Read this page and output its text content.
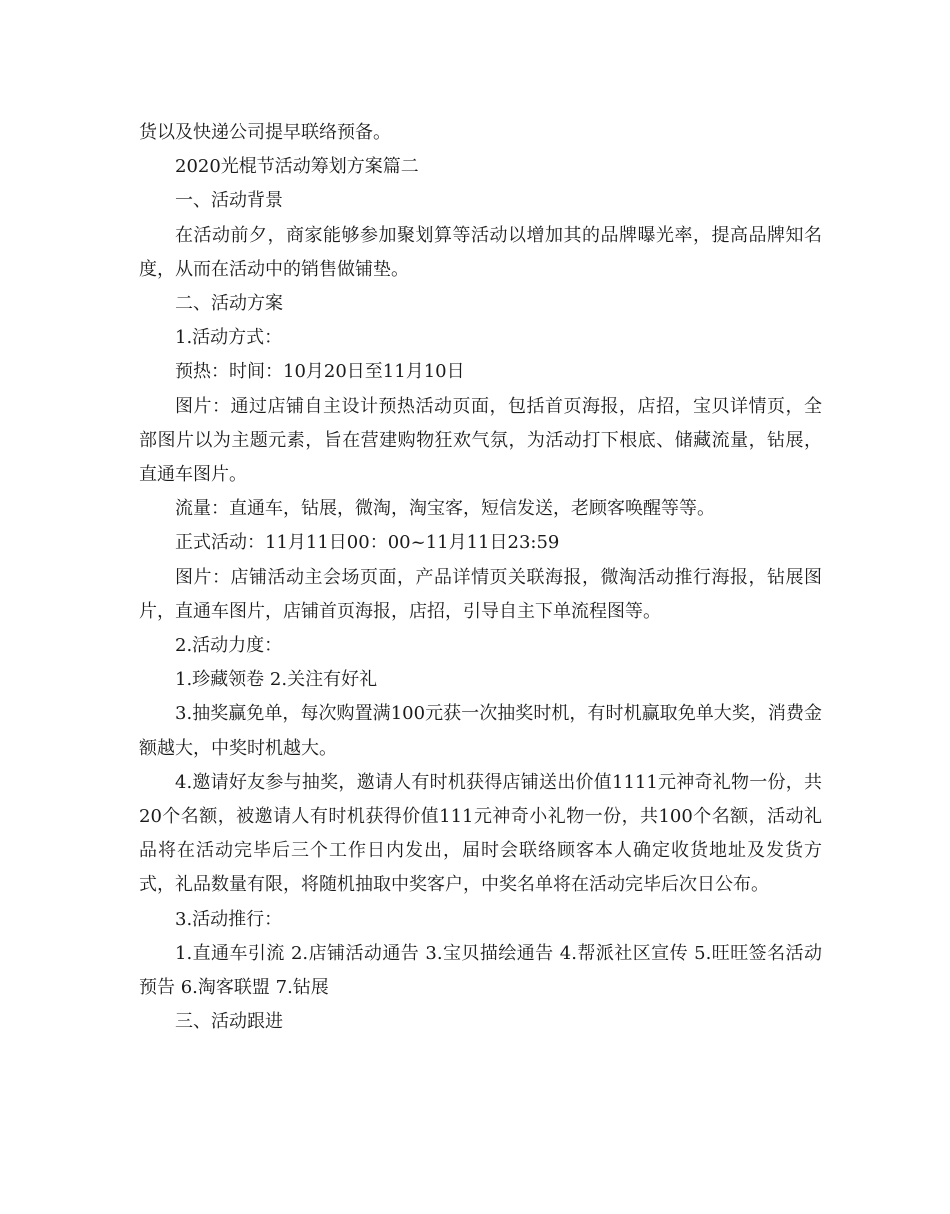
货以及快递公司提早联络预备。

2020光棍节活动筹划方案篇二

一、活动背景

在活动前夕，商家能够参加聚划算等活动以增加其的品牌曝光率，提高品牌知名度，从而在活动中的销售做铺垫。

二、活动方案

1.活动方式：

预热：时间：10月20日至11月10日

图片：通过店铺自主设计预热活动页面，包括首页海报，店招，宝贝详情页，全部图片以为主题元素，旨在营建购物狂欢气氛，为活动打下根底、储藏流量，钻展，直通车图片。

流量：直通车，钻展，微淘，淘宝客，短信发送，老顾客唤醒等等。

正式活动：11月11日00：00~11月11日23:59

图片：店铺活动主会场页面，产品详情页关联海报，微淘活动推行海报，钻展图片，直通车图片，店铺首页海报，店招，引导自主下单流程图等。

2.活动力度：

1.珍藏领卷 2.关注有好礼

3.抽奖赢免单，每次购置满100元获一次抽奖时机，有时机赢取免单大奖，消费金额越大，中奖时机越大。

4.邀请好友参与抽奖，邀请人有时机获得店铺送出价值1111元神奇礼物一份，共20个名额，被邀请人有时机获得价值111元神奇小礼物一份，共100个名额，活动礼品将在活动完毕后三个工作日内发出，届时会联络顾客本人确定收货地址及发货方式，礼品数量有限，将随机抽取中奖客户，中奖名单将在活动完毕后次日公布。

3.活动推行：

1.直通车引流 2.店铺活动通告 3.宝贝描绘通告 4.帮派社区宣传 5.旺旺签名活动预告 6.淘客联盟 7.钻展

三、活动跟进
